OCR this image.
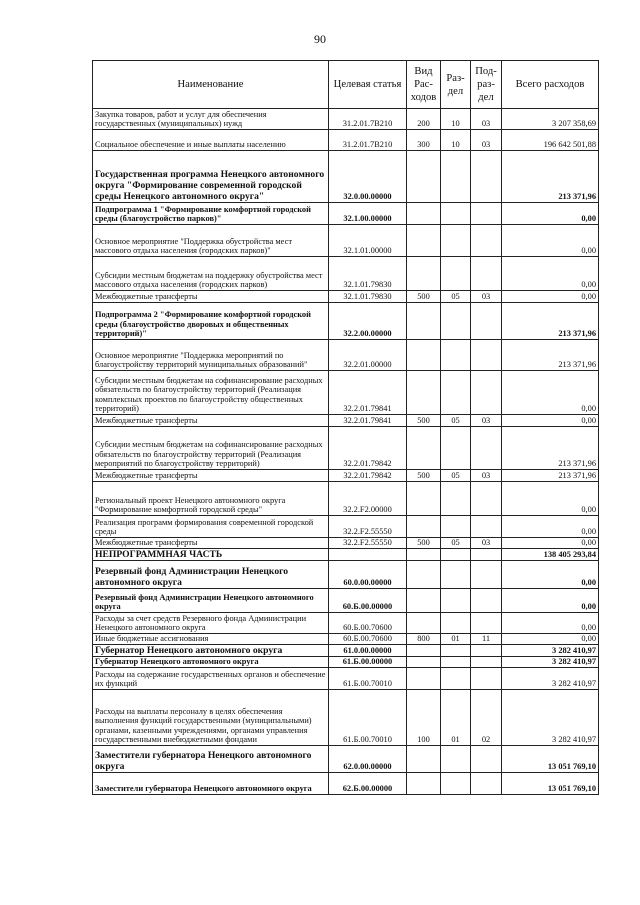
90
Наименование	Целевая статья	Вид Рас- ходов	Раз- дел	Под- раз- дел	Всего расходов
Закупка товаров, работ и услуг для обеспечения государственных (муниципальных) нужд	31.2.01.7В210	200	10	03	3 207 358,69
Социальное обеспечение и иные выплаты населению	31.2.01.7В210	300	10	03	196 642 501,88
Государственная программа Ненецкого автономного округа "Формирование современной городской среды Ненецкого автономного округа"	32.0.00.00000				213 371,96
Подпрограмма 1 "Формирование комфортной городской среды (благоустройство парков)"	32.1.00.00000				0,00
Основное мероприятие "Поддержка обустройства мест массового отдыха населения (городских парков)"	32.1.01.00000				0,00
Субсидии местным бюджетам на поддержку обустройства мест массового отдыха населения (городских парков)	32.1.01.79830				0,00
Межбюджетные трансферты	32.1.01.79830	500	05	03	0,00
Подпрограмма 2 "Формирование комфортной городской среды (благоустройство дворовых и общественных территорий)"	32.2.00.00000				213 371,96
Основное мероприятие "Поддержка мероприятий по благоустройству территорий муниципальных образований"	32.2.01.00000				213 371,96
Субсидии местным бюджетам на софинансирование расходных обязательств по благоустройству территорий (Реализация комплексных проектов по благоустройству общественных территорий)	32.2.01.79841				0,00
Межбюджетные трансферты	32.2.01.79841	500	05	03	0,00
Субсидии местным бюджетам на софинансирование расходных обязательств по благоустройству территорий (Реализация мероприятий по благоустройству территорий)	32.2.01.79842				213 371,96
Межбюджетные трансферты	32.2.01.79842	500	05	03	213 371,96
Региональный проект Ненецкого автономного округа "Формирование комфортной городской среды"	32.2.F2.00000				0,00
Реализация программ формирования современной городской среды	32.2.F2.55550				0,00
Межбюджетные трансферты	32.2.F2.55550	500	05	03	0,00
НЕПРОГРАММНАЯ ЧАСТЬ					138 405 293,84
Резервный фонд Администрации Ненецкого автономного округа	60.0.00.00000				0,00
Резервный фонд Администрации Ненецкого автономного округа	60.Б.00.00000				0,00
Расходы за счет средств Резервного фонда Администрации Ненецкого автономного округа	60.Б.00.70600				0,00
Иные бюджетные ассигнования	60.Б.00.70600	800	01	11	0,00
Губернатор Ненецкого автономного округа	61.0.00.00000				3 282 410,97
Губернатор Ненецкого автономного округа	61.Б.00.00000				3 282 410,97
Расходы на содержание государственных органов и обеспечение их функций	61.Б.00.70010				3 282 410,97
Расходы на выплаты персоналу в целях обеспечения выполнения функций государственными (муниципальными) органами, казенными учреждениями, органами управления государственными внебюджетными фондами	61.Б.00.70010	100	01	02	3 282 410,97
Заместители губернатора Ненецкого автономного округа	62.0.00.00000				13 051 769,10
Заместители губернатора Ненецкого автономного округа	62.Б.00.00000				13 051 769,10
